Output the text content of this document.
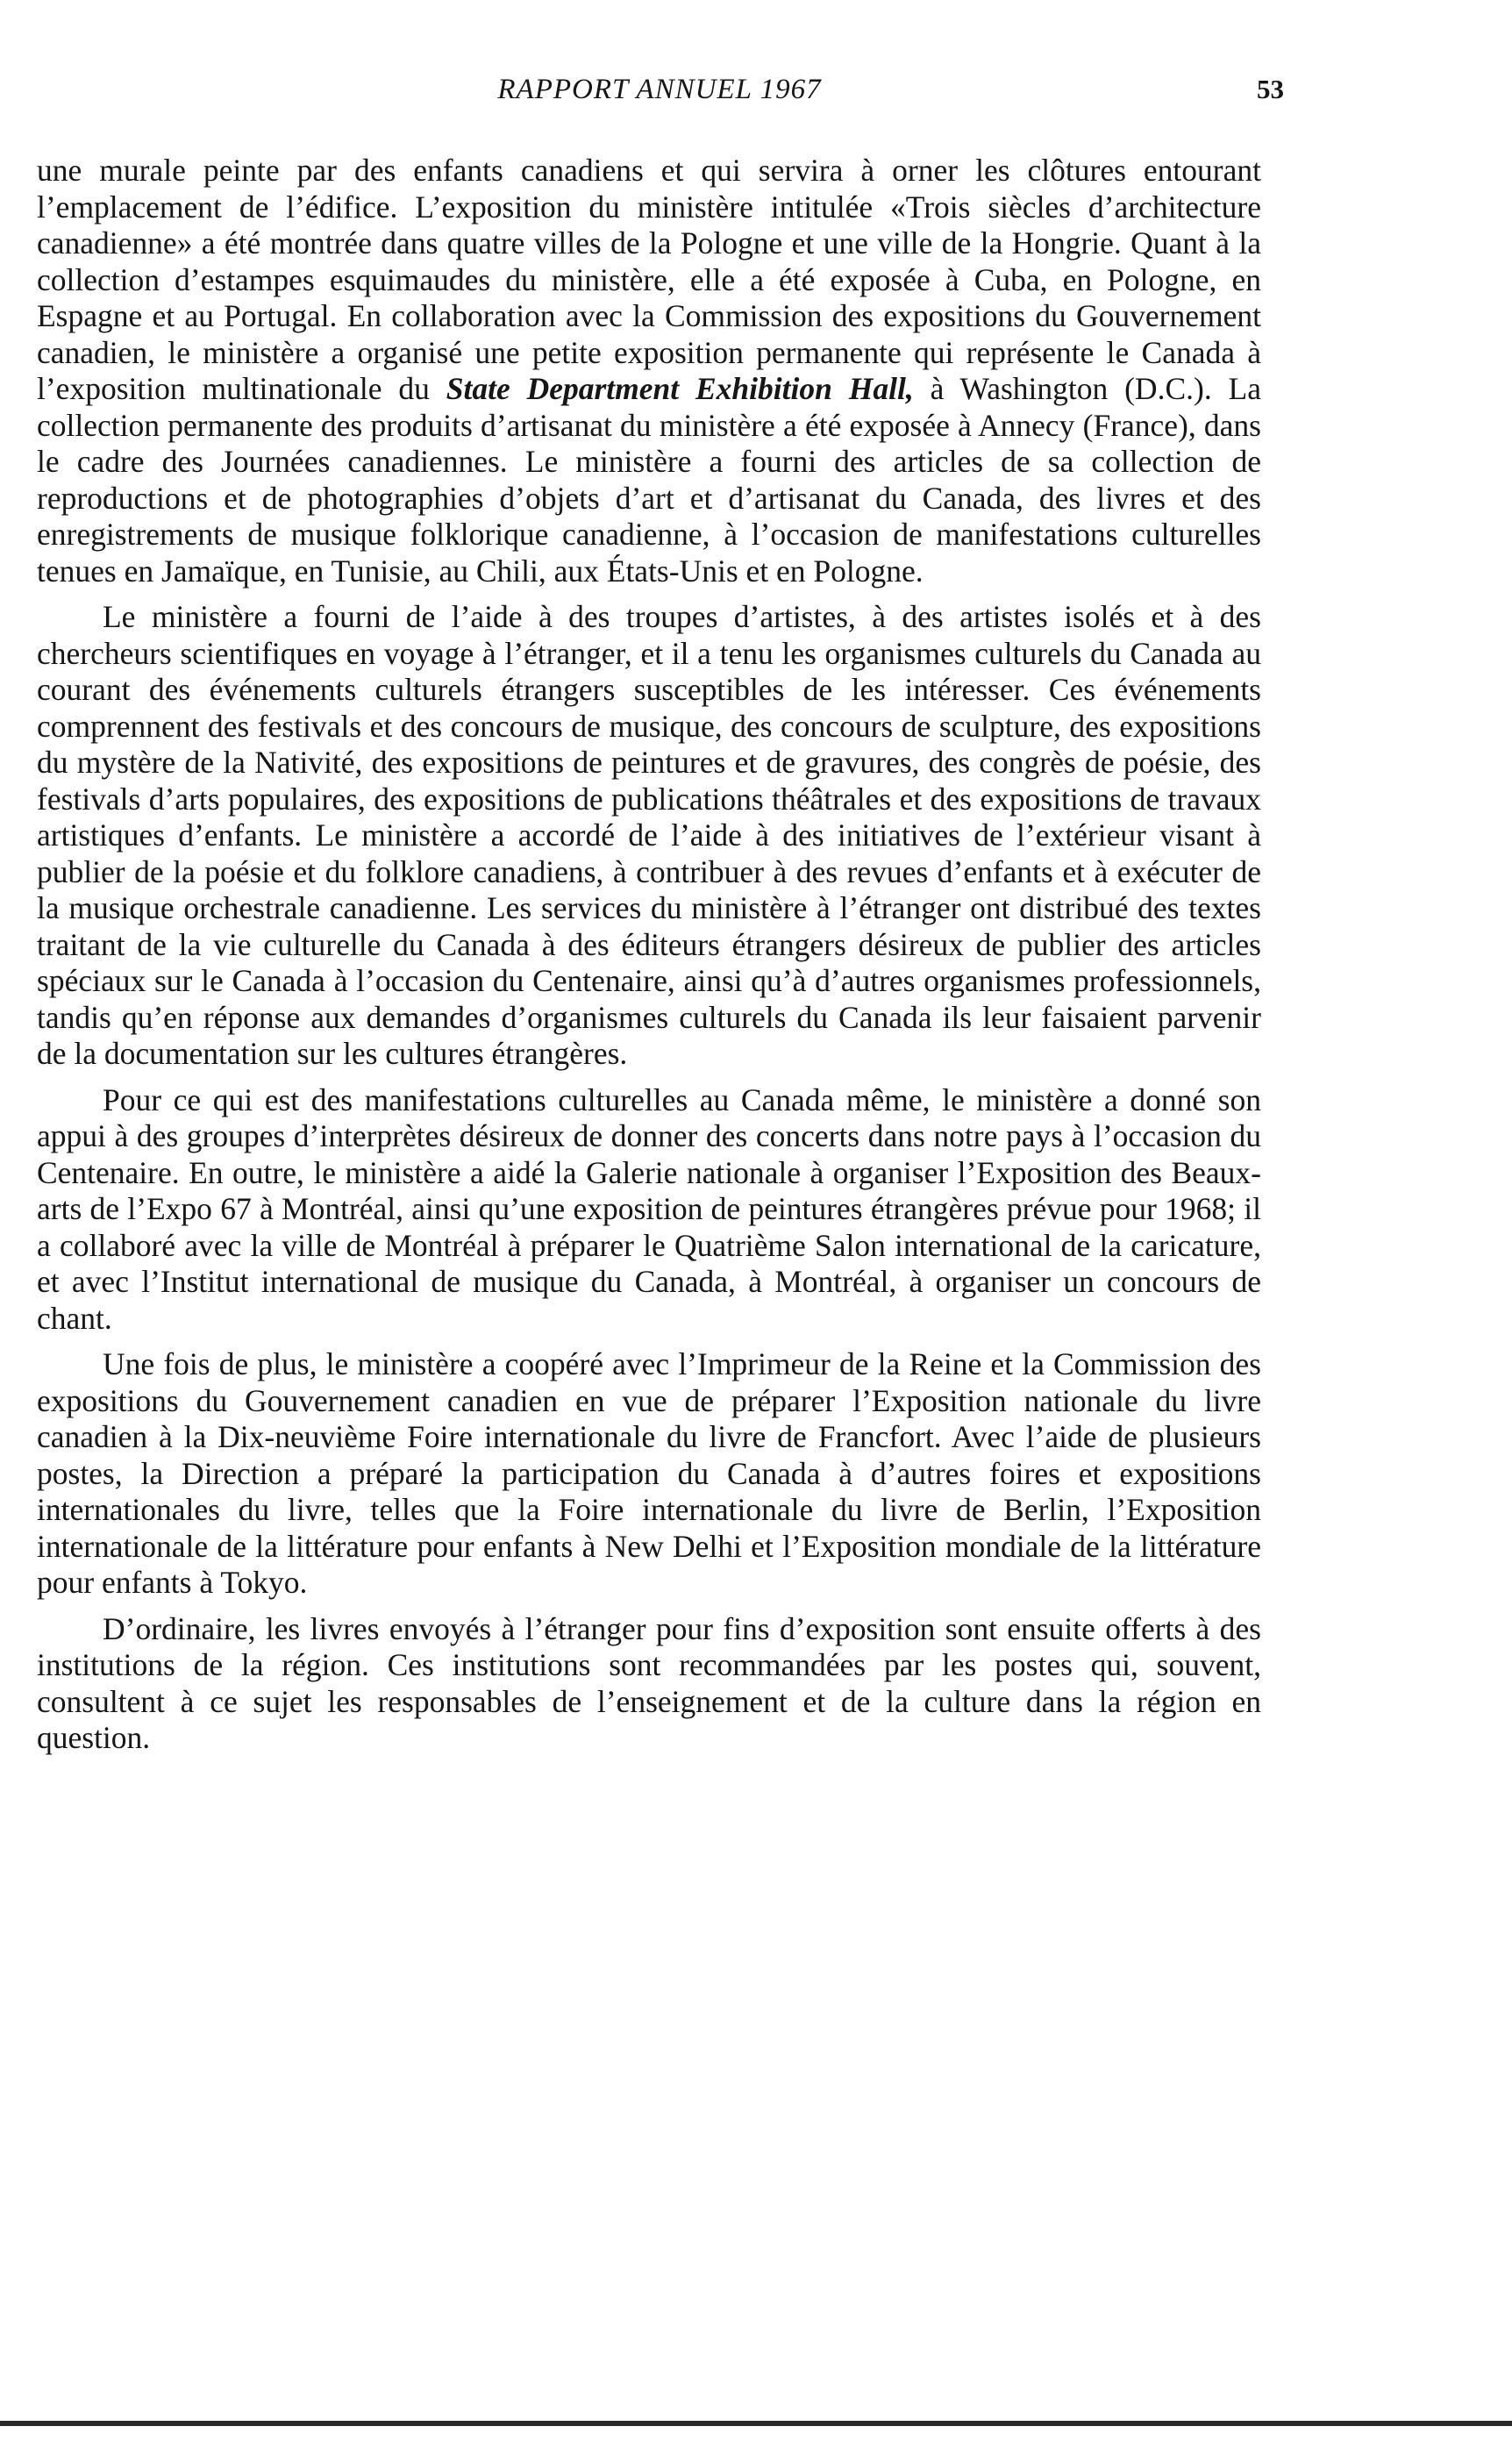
RAPPORT ANNUEL 1967	53

une murale peinte par des enfants canadiens et qui servira à orner les clôtures entourant l’emplacement de l’édifice. L’exposition du ministère intitulée «Trois siècles d’architecture canadienne» a été montrée dans quatre villes de la Pologne et une ville de la Hongrie. Quant à la collection d’estampes esquimaudes du ministère, elle a été exposée à Cuba, en Pologne, en Espagne et au Portugal. En collaboration avec la Commission des expositions du Gouvernement canadien, le ministère a organisé une petite exposition permanente qui représente le Canada à l’exposition multinationale du State Department Exhibition Hall, à Washington (D.C.). La collection permanente des produits d’artisanat du ministère a été exposée à Annecy (France), dans le cadre des Journées canadiennes. Le ministère a fourni des articles de sa collection de reproductions et de photographies d’objets d’art et d’artisanat du Canada, des livres et des enregistrements de musique folklorique canadienne, à l’occasion de manifestations culturelles tenues en Jamaïque, en Tunisie, au Chili, aux États-Unis et en Pologne.

Le ministère a fourni de l’aide à des troupes d’artistes, à des artistes isolés et à des chercheurs scientifiques en voyage à l’étranger, et il a tenu les organismes culturels du Canada au courant des événements culturels étrangers susceptibles de les intéresser. Ces événements comprennent des festivals et des concours de musique, des concours de sculpture, des expositions du mystère de la Nativité, des expositions de peintures et de gravures, des congrès de poésie, des festivals d’arts populaires, des expositions de publications théâtrales et des expositions de travaux artistiques d’enfants. Le ministère a accordé de l’aide à des initiatives de l’extérieur visant à publier de la poésie et du folklore canadiens, à contribuer à des revues d’enfants et à exécuter de la musique orchestrale canadienne. Les services du ministère à l’étranger ont distribué des textes traitant de la vie culturelle du Canada à des éditeurs étrangers désireux de publier des articles spéciaux sur le Canada à l’occasion du Centenaire, ainsi qu’à d’autres organismes professionnels, tandis qu’en réponse aux demandes d’organismes culturels du Canada ils leur faisaient parvenir de la documentation sur les cultures étrangères.

Pour ce qui est des manifestations culturelles au Canada même, le ministère a donné son appui à des groupes d’interprètes désireux de donner des concerts dans notre pays à l’occasion du Centenaire. En outre, le ministère a aidé la Galerie nationale à organiser l’Exposition des Beaux-arts de l’Expo 67 à Montréal, ainsi qu’une exposition de peintures étrangères prévue pour 1968; il a collaboré avec la ville de Montréal à préparer le Quatrième Salon international de la caricature, et avec l’Institut international de musique du Canada, à Montréal, à organiser un concours de chant.

Une fois de plus, le ministère a coopéré avec l’Imprimeur de la Reine et la Commission des expositions du Gouvernement canadien en vue de préparer l’Exposition nationale du livre canadien à la Dix-neuvième Foire internationale du livre de Francfort. Avec l’aide de plusieurs postes, la Direction a préparé la participation du Canada à d’autres foires et expositions internationales du livre, telles que la Foire internationale du livre de Berlin, l’Exposition internationale de la littérature pour enfants à New Delhi et l’Exposition mondiale de la littérature pour enfants à Tokyo.

D’ordinaire, les livres envoyés à l’étranger pour fins d’exposition sont ensuite offerts à des institutions de la région. Ces institutions sont recommandées par les postes qui, souvent, consultent à ce sujet les responsables de l’enseignement et de la culture dans la région en question.
